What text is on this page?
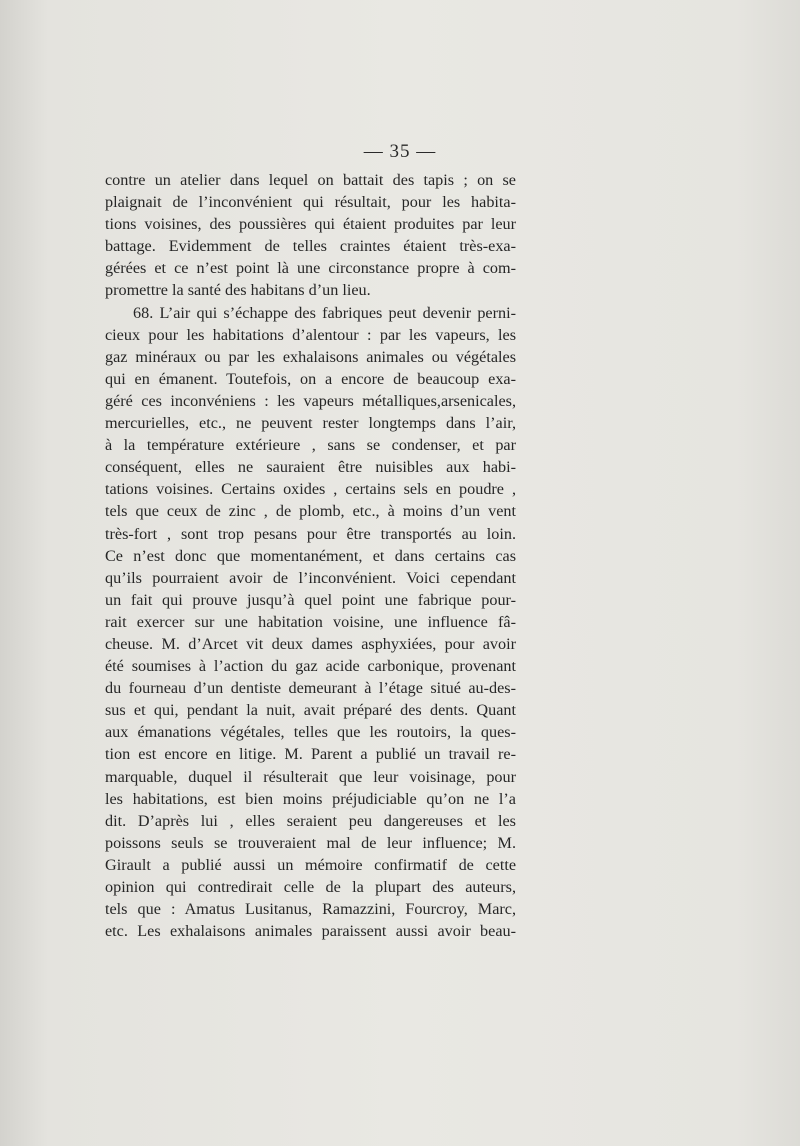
— 35 —
contre un atelier dans lequel on battait des tapis ; on se
plaignait de l’inconvénient qui résultait, pour les habita-
tions voisines, des poussières qui étaient produites par leur
battage. Evidemment de telles craintes étaient très-exa-
gérées et ce n’est point là une circonstance propre à com-
promettre la santé des habitans d’un lieu.
68. L’air qui s’échappe des fabriques peut devenir perni-
cieux pour les habitations d’alentour : par les vapeurs, les
gaz minéraux ou par les exhalaisons animales ou végétales
qui en émanent. Toutefois, on a encore de beaucoup exa-
géré ces inconvéniens : les vapeurs métalliques,arsenicales,
mercurielles, etc., ne peuvent rester longtemps dans l’air,
à la température extérieure , sans se condenser, et par
conséquent, elles ne sauraient être nuisibles aux habi-
tations voisines. Certains oxides , certains sels en poudre ,
tels que ceux de zinc , de plomb, etc., à moins d’un vent
très-fort , sont trop pesans pour être transportés au loin.
Ce n’est donc que momentanément, et dans certains cas
qu’ils pourraient avoir de l’inconvénient. Voici cependant
un fait qui prouve jusqu’à quel point une fabrique pour-
rait exercer sur une habitation voisine, une influence fâ-
cheuse. M. d’Arcet vit deux dames asphyxiées, pour avoir
été soumises à l’action du gaz acide carbonique, provenant
du fourneau d’un dentiste demeurant à l’étage situé au-des-
sus et qui, pendant la nuit, avait préparé des dents. Quant
aux émanations végétales, telles que les routoirs, la ques-
tion est encore en litige. M. Parent a publié un travail re-
marquable, duquel il résulterait que leur voisinage, pour
les habitations, est bien moins préjudiciable qu’on ne l’a
dit. D’après lui , elles seraient peu dangereuses et les
poissons seuls se trouveraient mal de leur influence; M.
Girault a publié aussi un mémoire confirmatif de cette
opinion qui contredirait celle de la plupart des auteurs,
tels que : Amatus Lusitanus, Ramazzini, Fourcroy, Marc,
etc. Les exhalaisons animales paraissent aussi avoir beau-
